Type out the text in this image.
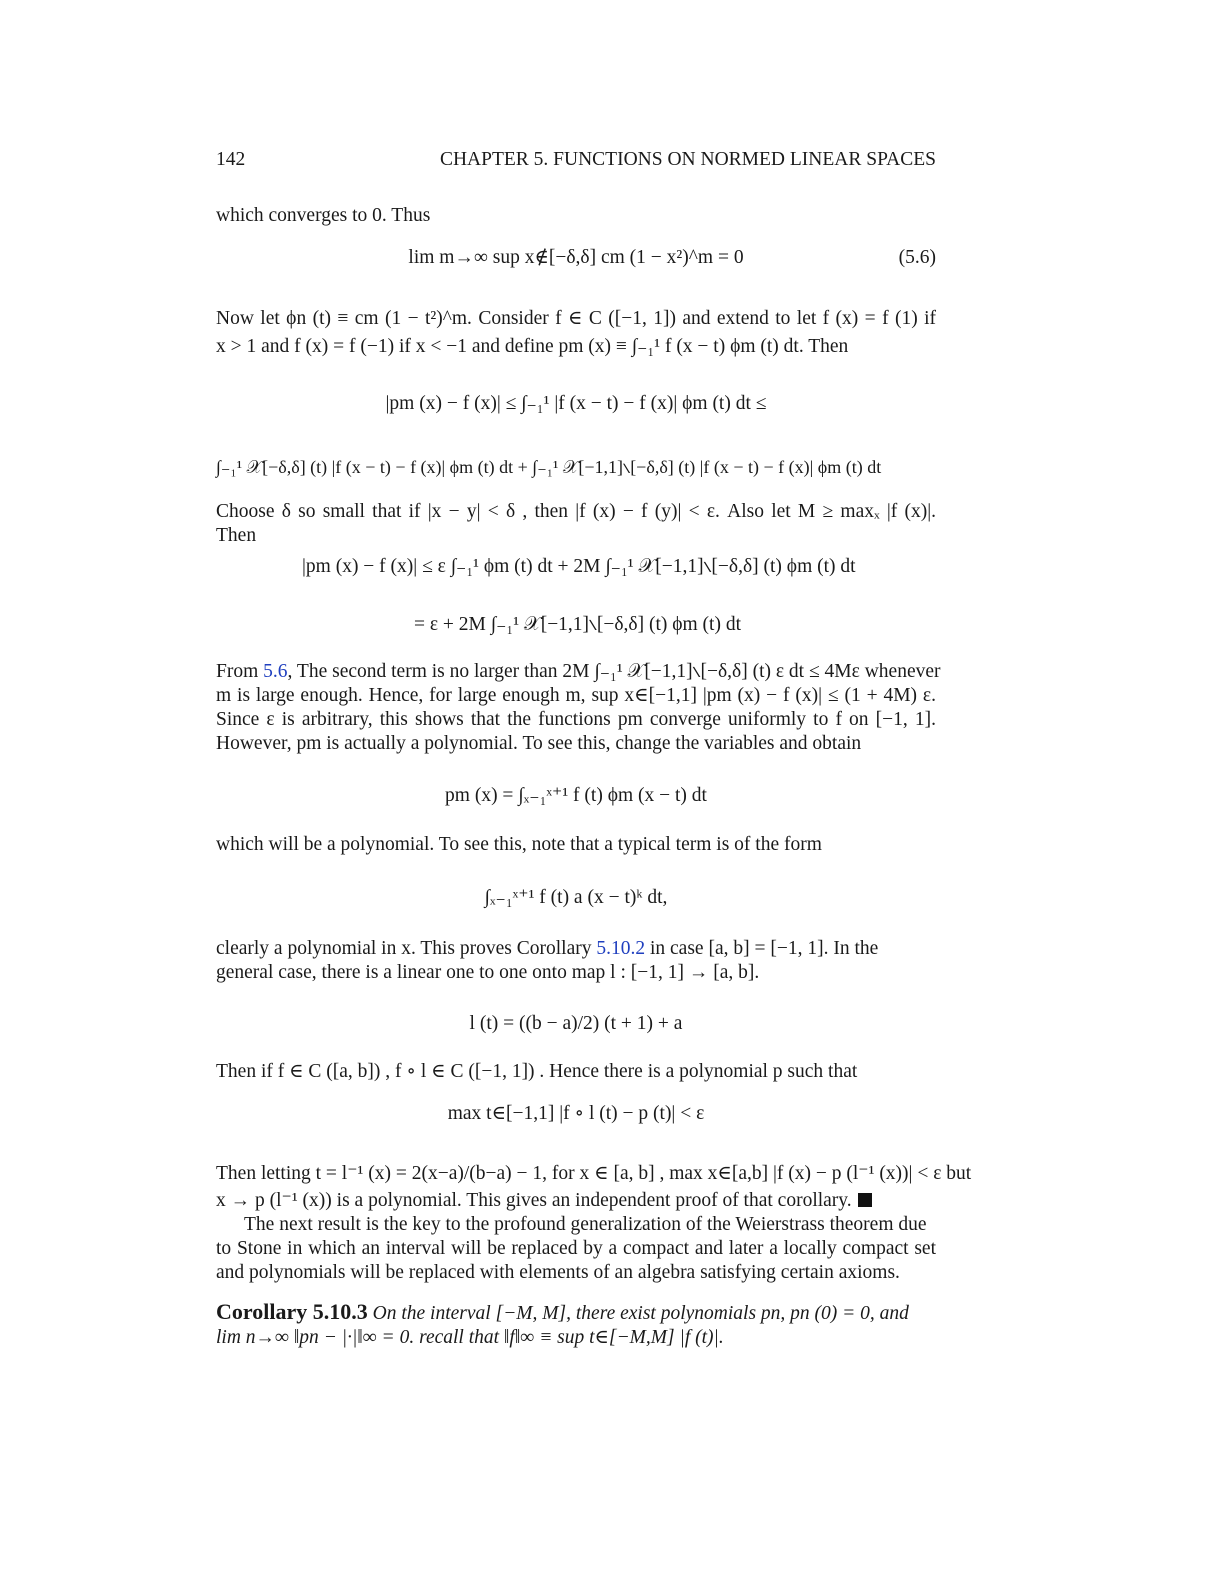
142	CHAPTER 5. FUNCTIONS ON NORMED LINEAR SPACES
which converges to 0. Thus
lim m→∞ sup x∉[−δ,δ] cm (1 − x²)^m = 0	(5.6)
Now let ϕn (t) ≡ cm (1 − t²)^m. Consider f ∈ C ([−1, 1]) and extend to let f (x) = f (1) if
x > 1 and f (x) = f (−1) if x < −1 and define pm (x) ≡ ∫₋₁¹ f (x − t) ϕm (t) dt. Then
|pm (x) − f (x)| ≤ ∫₋₁¹ |f (x − t) − f (x)| ϕm (t) dt ≤
∫₋₁¹ 𝒳[−δ,δ] (t) |f (x − t) − f (x)| ϕm (t) dt + ∫₋₁¹ 𝒳[−1,1]∖[−δ,δ] (t) |f (x − t) − f (x)| ϕm (t) dt
Choose δ so small that if |x − y| < δ , then |f (x) − f (y)| < ε. Also let M ≥ maxₓ |f (x)|.
Then
|pm (x) − f (x)| ≤ ε ∫₋₁¹ ϕm (t) dt + 2M ∫₋₁¹ 𝒳[−1,1]∖[−δ,δ] (t) ϕm (t) dt
= ε + 2M ∫₋₁¹ 𝒳[−1,1]∖[−δ,δ] (t) ϕm (t) dt
From 5.6, The second term is no larger than 2M ∫₋₁¹ 𝒳[−1,1]∖[−δ,δ] (t) ε dt ≤ 4Mε whenever
m is large enough. Hence, for large enough m, sup x∈[−1,1] |pm (x) − f (x)| ≤ (1 + 4M) ε.
Since ε is arbitrary, this shows that the functions pm converge uniformly to f on [−1, 1].
However, pm is actually a polynomial. To see this, change the variables and obtain
pm (x) = ∫ₓ₋₁ˣ⁺¹ f (t) ϕm (x − t) dt
which will be a polynomial. To see this, note that a typical term is of the form
∫ₓ₋₁ˣ⁺¹ f (t) a (x − t)ᵏ dt,
clearly a polynomial in x. This proves Corollary 5.10.2 in case [a, b] = [−1, 1]. In the
general case, there is a linear one to one onto map l : [−1, 1] → [a, b].
l (t) = ((b − a)/2) (t + 1) + a
Then if f ∈ C ([a, b]) , f ∘ l ∈ C ([−1, 1]) . Hence there is a polynomial p such that
max t∈[−1,1] |f ∘ l (t) − p (t)| < ε
Then letting t = l⁻¹ (x) = 2(x−a)/(b−a) − 1, for x ∈ [a, b] , max x∈[a,b] |f (x) − p (l⁻¹ (x))| < ε but
x → p (l⁻¹ (x)) is a polynomial. This gives an independent proof of that corollary.
The next result is the key to the profound generalization of the Weierstrass theorem due
to Stone in which an interval will be replaced by a compact and later a locally compact set
and polynomials will be replaced with elements of an algebra satisfying certain axioms.
Corollary 5.10.3 On the interval [−M, M], there exist polynomials pn, pn (0) = 0, and
lim n→∞ ‖pn − |·|‖∞ = 0. recall that ‖f‖∞ ≡ sup t∈[−M,M] |f (t)|.
